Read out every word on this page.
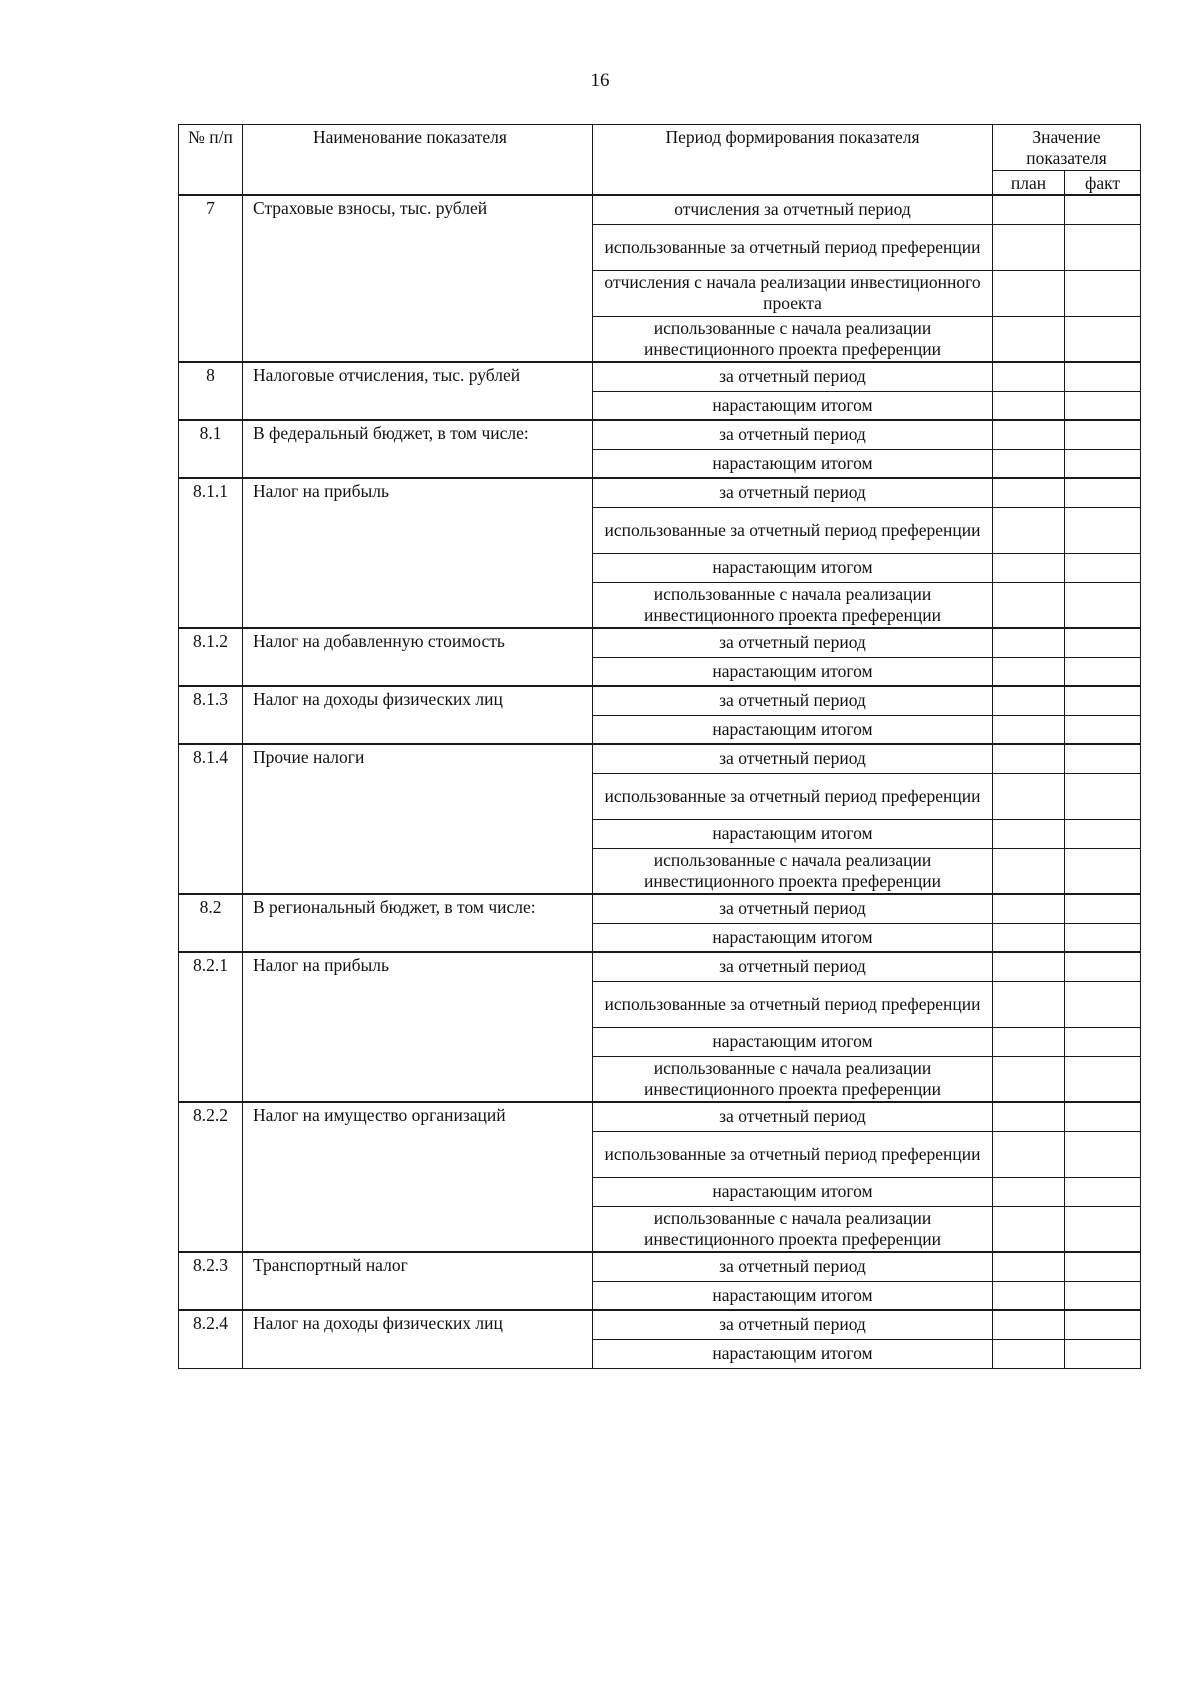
16
№ п/п	Наименование показателя	Период формирования показателя	Значение показателя	
			план	факт
7	Страховые взносы, тыс. рублей	отчисления за отчетный период		
		использованные за отчетный период преференции		
		отчисления с начала реализации инвестиционного проекта		
		использованные с начала реализации инвестиционного проекта преференции		
8	Налоговые отчисления, тыс. рублей	за отчетный период		
		нарастающим итогом		
8.1	В федеральный бюджет, в том числе:	за отчетный период		
		нарастающим итогом		
8.1.1	Налог на прибыль	за отчетный период		
		использованные за отчетный период преференции		
		нарастающим итогом		
		использованные с начала реализации инвестиционного проекта преференции		
8.1.2	Налог на добавленную стоимость	за отчетный период		
		нарастающим итогом		
8.1.3	Налог на доходы физических лиц	за отчетный период		
		нарастающим итогом		
8.1.4	Прочие налоги	за отчетный период		
		использованные за отчетный период преференции		
		нарастающим итогом		
		использованные с начала реализации инвестиционного проекта преференции		
8.2	В региональный бюджет, в том числе:	за отчетный период		
		нарастающим итогом		
8.2.1	Налог на прибыль	за отчетный период		
		использованные за отчетный период преференции		
		нарастающим итогом		
		использованные с начала реализации инвестиционного проекта преференции		
8.2.2	Налог на имущество организаций	за отчетный период		
		использованные за отчетный период преференции		
		нарастающим итогом		
		использованные с начала реализации инвестиционного проекта преференции		
8.2.3	Транспортный налог	за отчетный период		
		нарастающим итогом		
8.2.4	Налог на доходы физических лиц	за отчетный период		
		нарастающим итогом		
